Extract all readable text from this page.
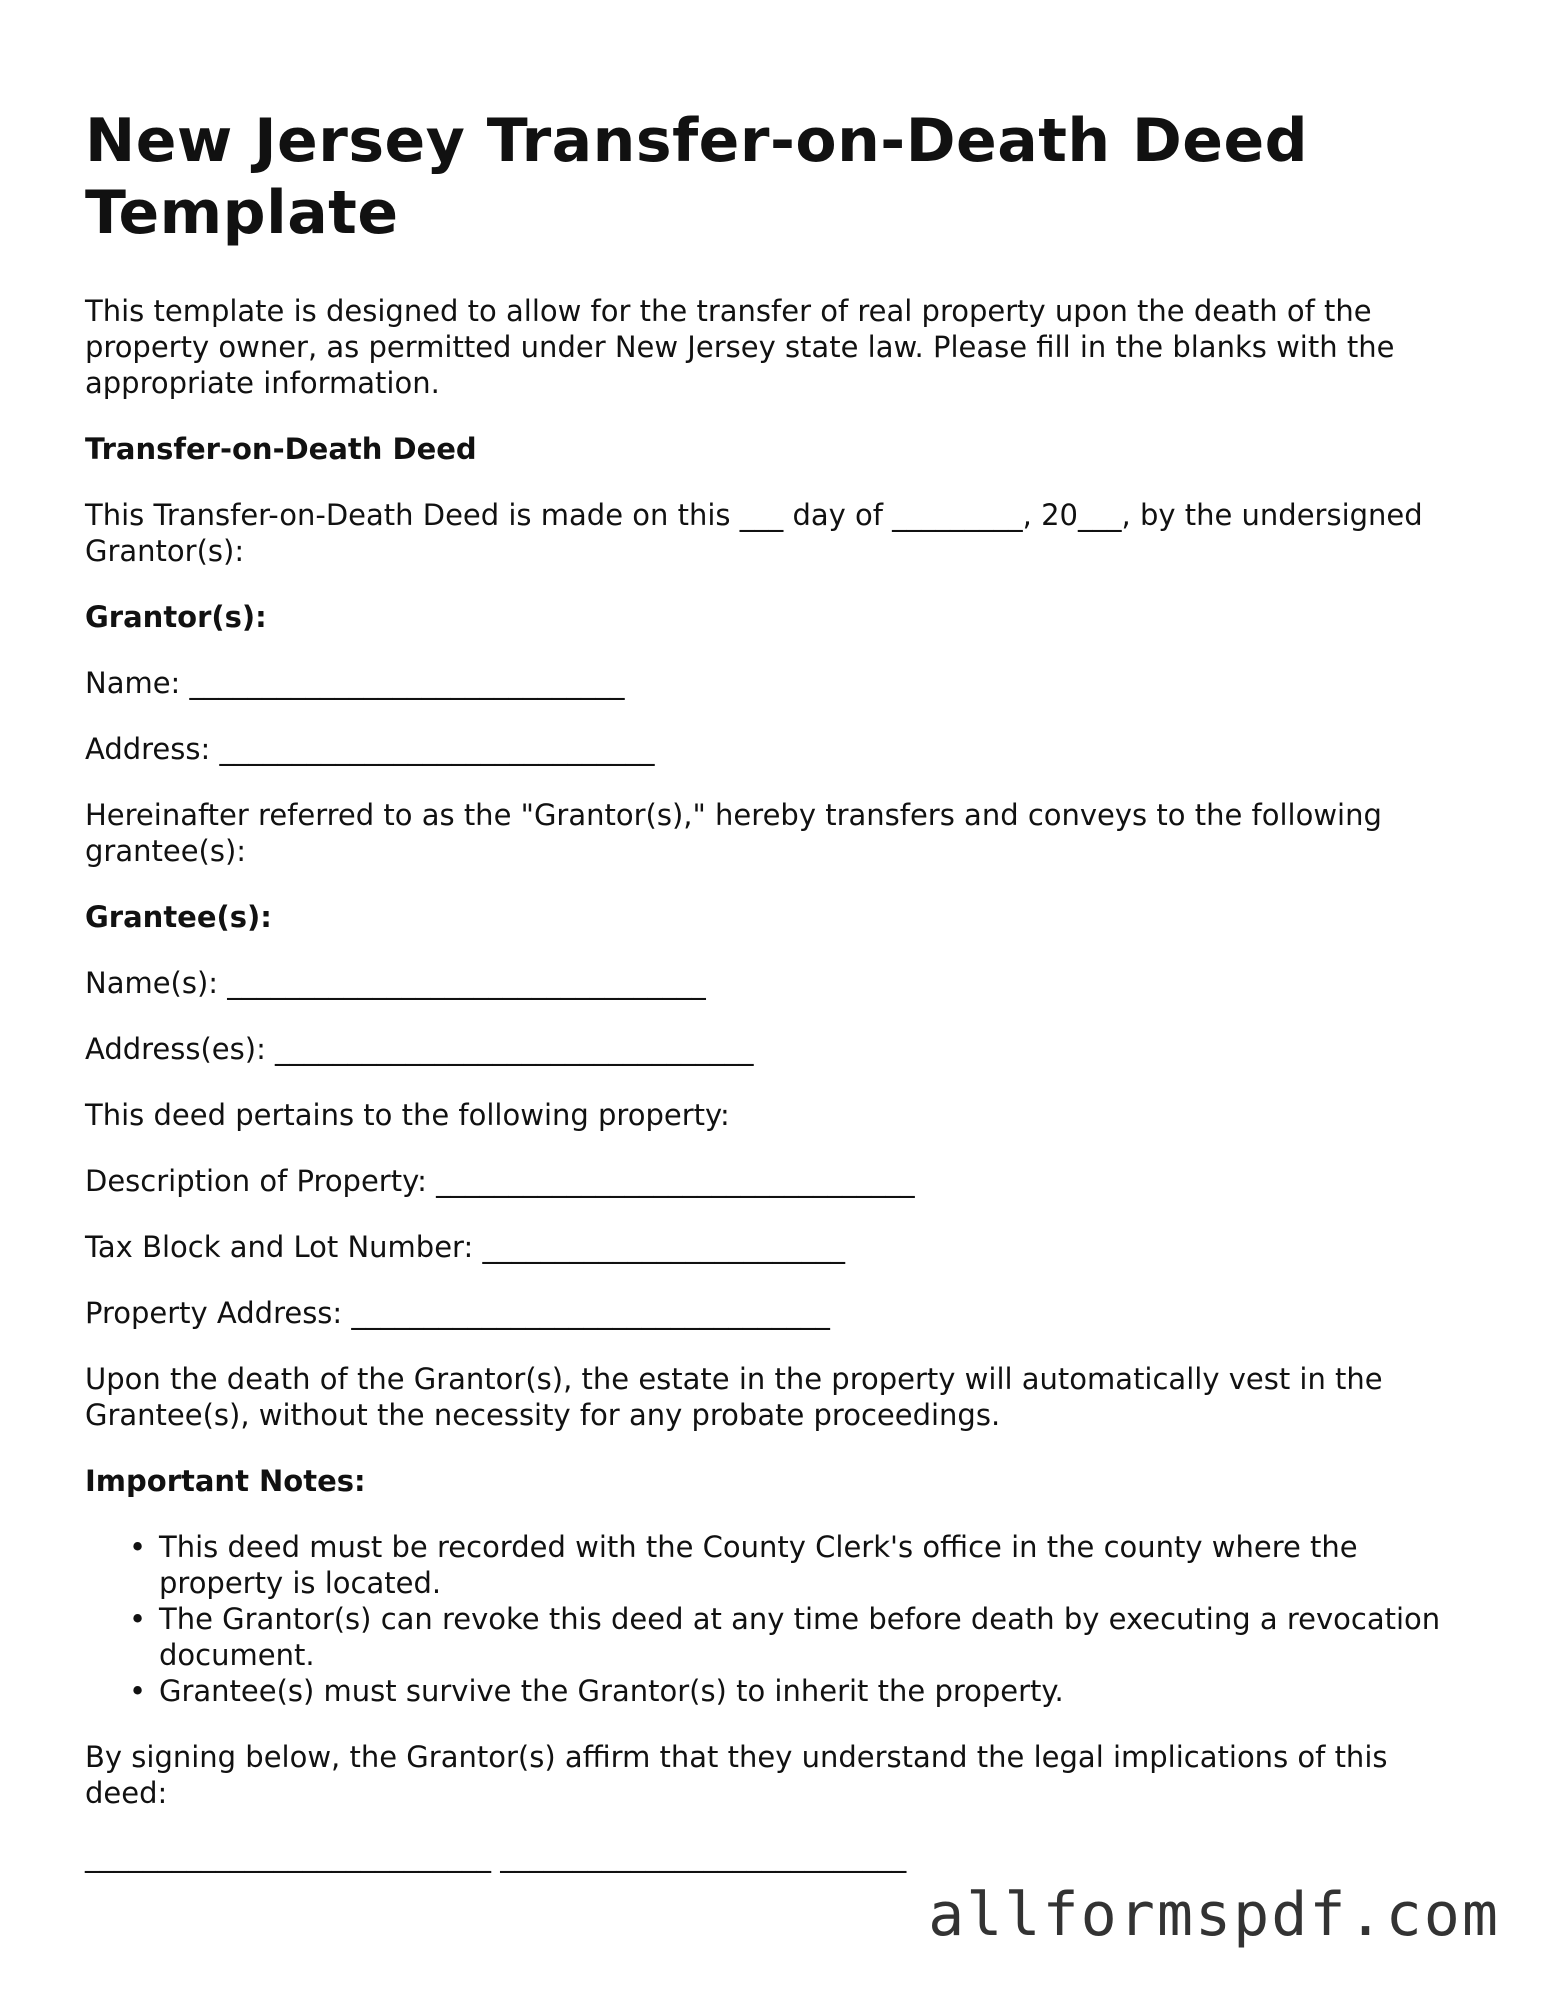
New Jersey Transfer-on-Death Deed Template

This template is designed to allow for the transfer of real property upon the death of the property owner, as permitted under New Jersey state law. Please fill in the blanks with the appropriate information.

Transfer-on-Death Deed

This Transfer-on-Death Deed is made on this ___ day of _________, 20___, by the undersigned Grantor(s):

Grantor(s):
Name: ______________________________
Address: ______________________________

Hereinafter referred to as the "Grantor(s)," hereby transfers and conveys to the following grantee(s):

Grantee(s):
Name(s): _________________________________
Address(es): _________________________________

This deed pertains to the following property:

Description of Property: _________________________________
Tax Block and Lot Number: _________________________
Property Address: _________________________________

Upon the death of the Grantor(s), the estate in the property will automatically vest in the Grantee(s), without the necessity for any probate proceedings.

Important Notes:
• This deed must be recorded with the County Clerk's office in the county where the property is located.
• The Grantor(s) can revoke this deed at any time before death by executing a revocation document.
• Grantee(s) must survive the Grantor(s) to inherit the property.

By signing below, the Grantor(s) affirm that they understand the legal implications of this deed:

____________________________ ____________________________
allformspdf.com
